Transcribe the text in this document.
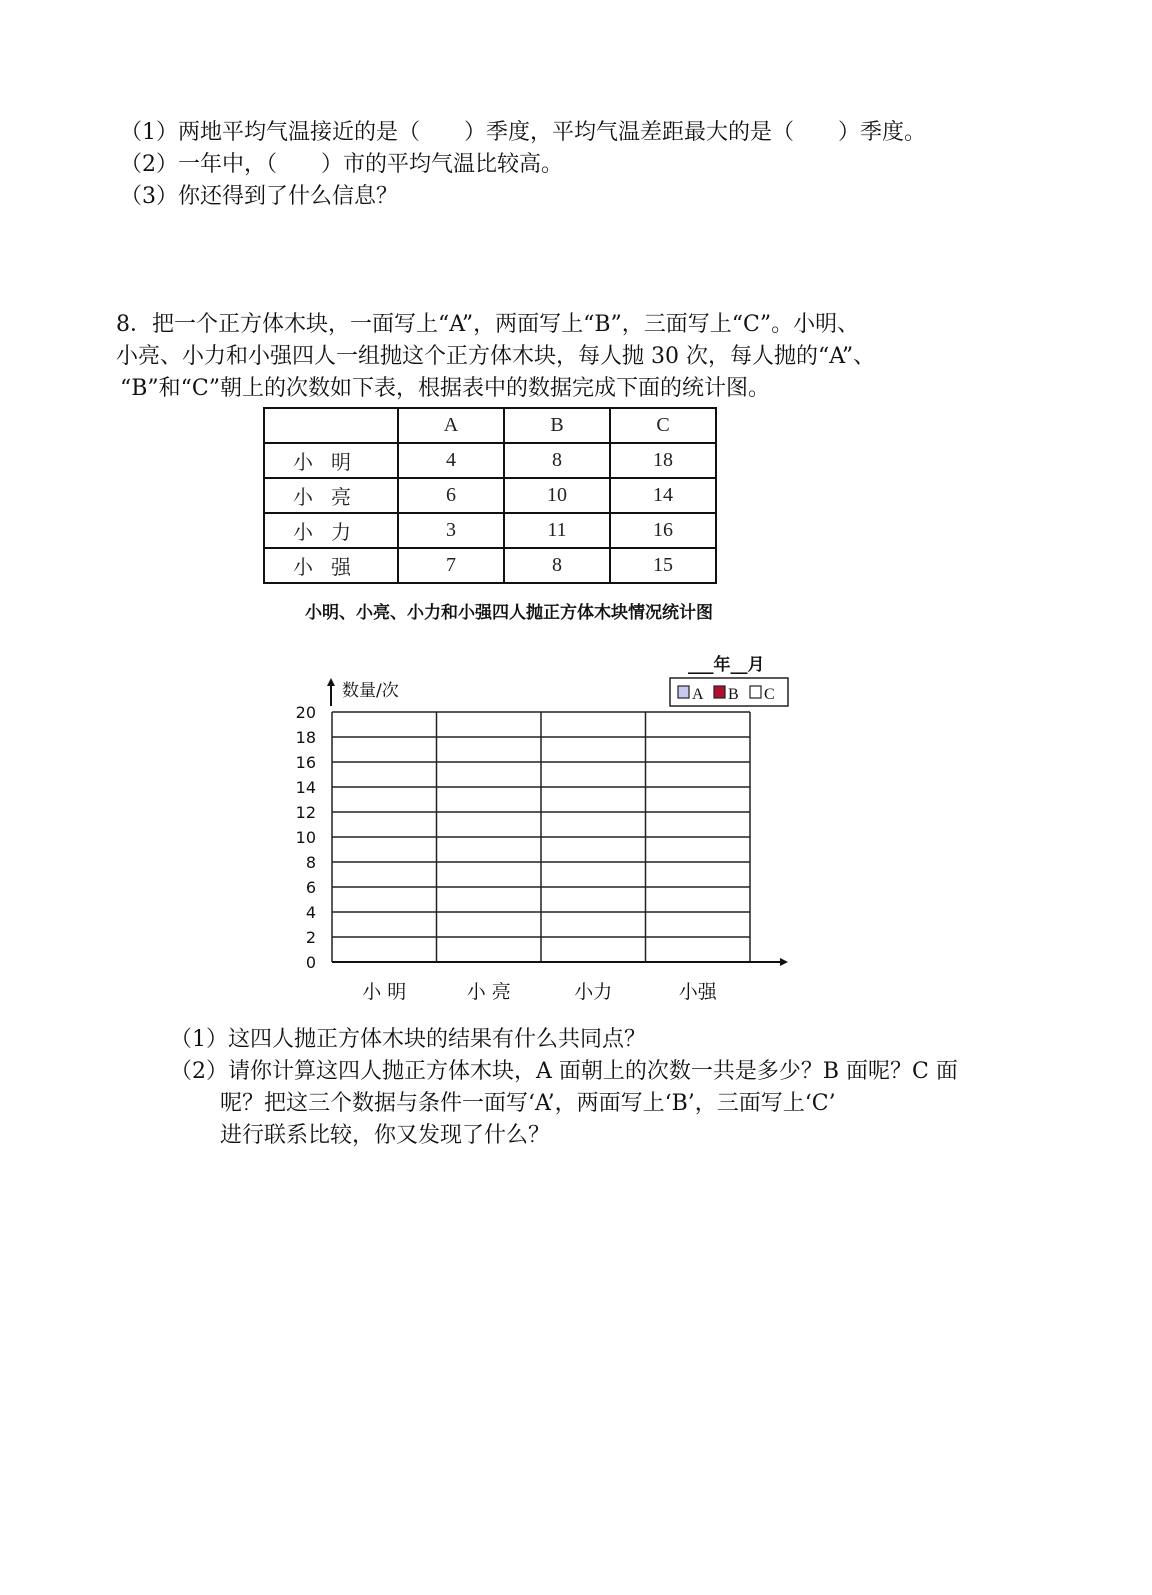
（1）两地平均气温接近的是（　　）季度，平均气温差距最大的是（　　）季度。
（2）一年中，（　　）市的平均气温比较高。
（3）你还得到了什么信息？
8．把一个正方体木块，一面写上“A”，两面写上“B”，三面写上“C”。小明、
小亮、小力和小强四人一组抛这个正方体木块，每人抛 30 次，每人抛的“A”、
“B”和“C”朝上的次数如下表，根据表中的数据完成下面的统计图。
	A	B	C
小明	4	8	18
小亮	6	10	14
小力	3	11	16
小强	7	8	15
小明、小亮、小力和小强四人抛正方体木块情况统计图
0
2
4
6
8
10
12
14
16
18
20
小 明	小 亮	小力	小强
数量/次
___年__月
A B C
（1）这四人抛正方体木块的结果有什么共同点？
（2）请你计算这四人抛正方体木块，A 面朝上的次数一共是多少？B 面呢？C 面
呢？把这三个数据与条件一面写‘A’，两面写上‘B’，三面写上‘C’
进行联系比较，你又发现了什么？
